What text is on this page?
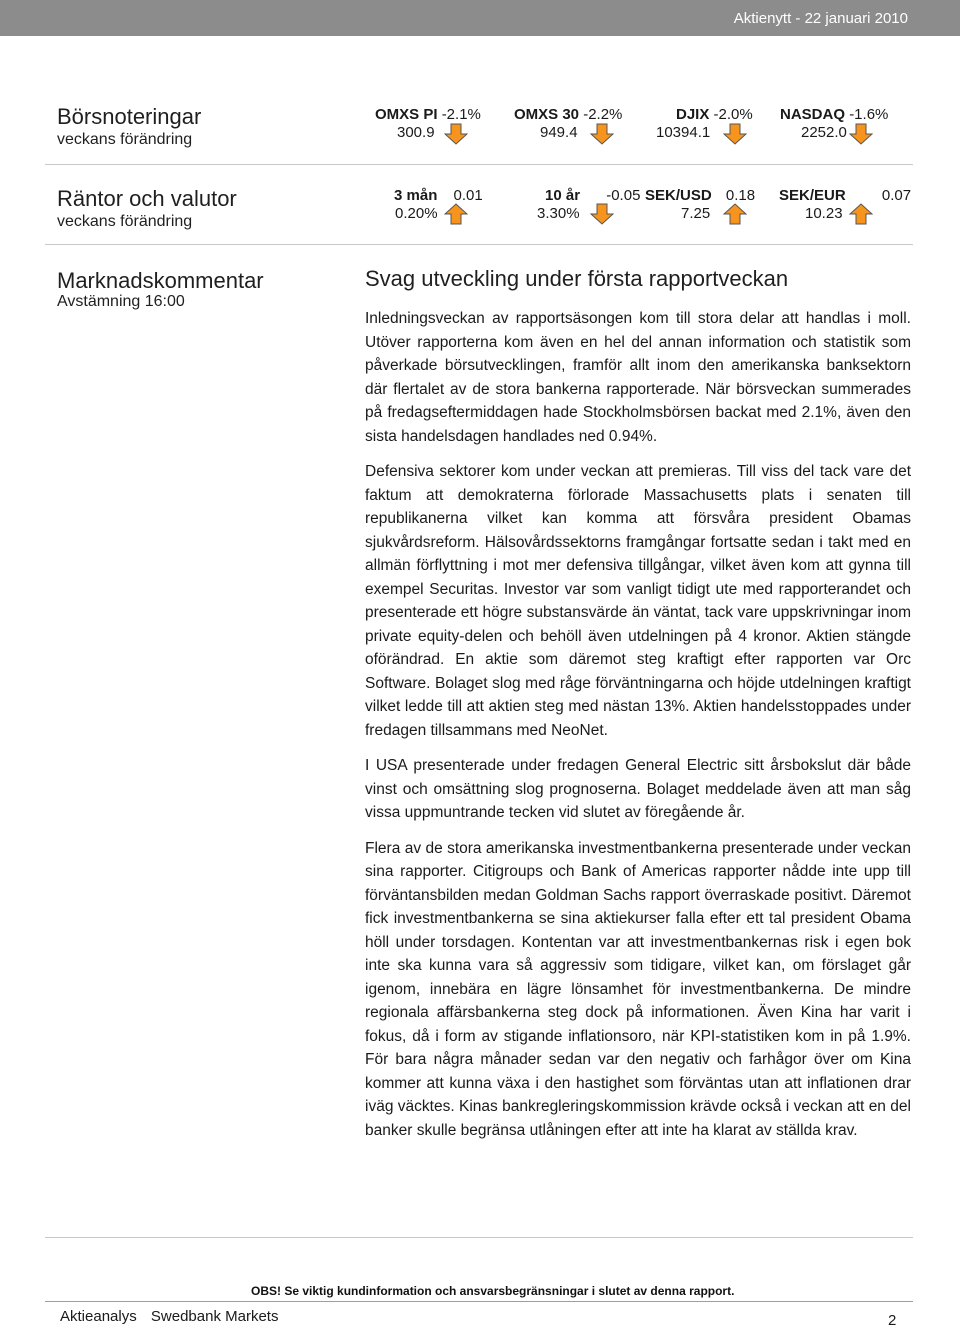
Aktienytt - 22 januari 2010
Börsnoteringar
veckans förändring
OMXS PI -2.1%
300.9
OMXS 30 -2.2%
949.4
DJIX -2.0%
10394.1
NASDAQ -1.6%
2252.0
Räntor och valutor
veckans förändring
3 mån 0.01
0.20%
10 år -0.05
3.30%
SEK/USD 0.18
7.25
SEK/EUR 0.07
10.23
Marknadskommentar
Avstämning 16:00
Svag utveckling under första rapportveckan

Inledningsveckan av rapportsäsongen kom till stora delar att handlas i moll. Utöver rapporterna kom även en hel del annan information och statistik som påverkade börsutvecklingen, framför allt inom den amerikanska banksektorn där flertalet av de stora bankerna rapporterade. När börsveckan summerades på fredagseftermiddagen hade Stockholmsbörsen backat med 2.1%, även den sista handelsdagen handlades ned 0.94%.

Defensiva sektorer kom under veckan att premieras. Till viss del tack vare det faktum att demokraterna förlorade Massachusetts plats i senaten till republikanerna vilket kan komma att försvåra president Obamas sjukvårdsreform. Hälsovårdssektorns framgångar fortsatte sedan i takt med en allmän förflyttning i mot mer defensiva tillgångar, vilket även kom att gynna till exempel Securitas. Investor var som vanligt tidigt ute med rapporterandet och presenterade ett högre substansvärde än väntat, tack vare uppskrivningar inom private equity-delen och behöll även utdelningen på 4 kronor. Aktien stängde oförändrad. En aktie som däremot steg kraftigt efter rapporten var Orc Software. Bolaget slog med råge förväntningarna och höjde utdelningen kraftigt vilket ledde till att aktien steg med nästan 13%. Aktien handelsstoppades under fredagen tillsammans med NeoNet.

I USA presenterade under fredagen General Electric sitt årsbokslut där både vinst och omsättning slog prognoserna. Bolaget meddelade även att man såg vissa uppmuntrande tecken vid slutet av föregående år.

Flera av de stora amerikanska investmentbankerna presenterade under veckan sina rapporter. Citigroups och Bank of Americas rapporter nådde inte upp till förväntansbilden medan Goldman Sachs rapport överraskade positivt. Däremot fick investmentbankerna se sina aktiekurser falla efter ett tal president Obama höll under torsdagen. Kontentan var att investmentbankernas risk i egen bok inte ska kunna vara så aggressiv som tidigare, vilket kan, om förslaget går igenom, innebära en lägre lönsamhet för investmentbankerna. De mindre regionala affärsbankerna steg dock på informationen. Även Kina har varit i fokus, då i form av stigande inflationsoro, när KPI-statistiken kom in på 1.9%. För bara några månader sedan var den negativ och farhågor över om Kina kommer att kunna växa i den hastighet som förväntas utan att inflationen drar iväg väcktes. Kinas bankregleringskommission krävde också i veckan att en del banker skulle begränsa utlåningen efter att inte ha klarat av ställda krav.

OBS! Se viktig kundinformation och ansvarsbegränsningar i slutet av denna rapport.
Aktieanalys Swedbank Markets	2
